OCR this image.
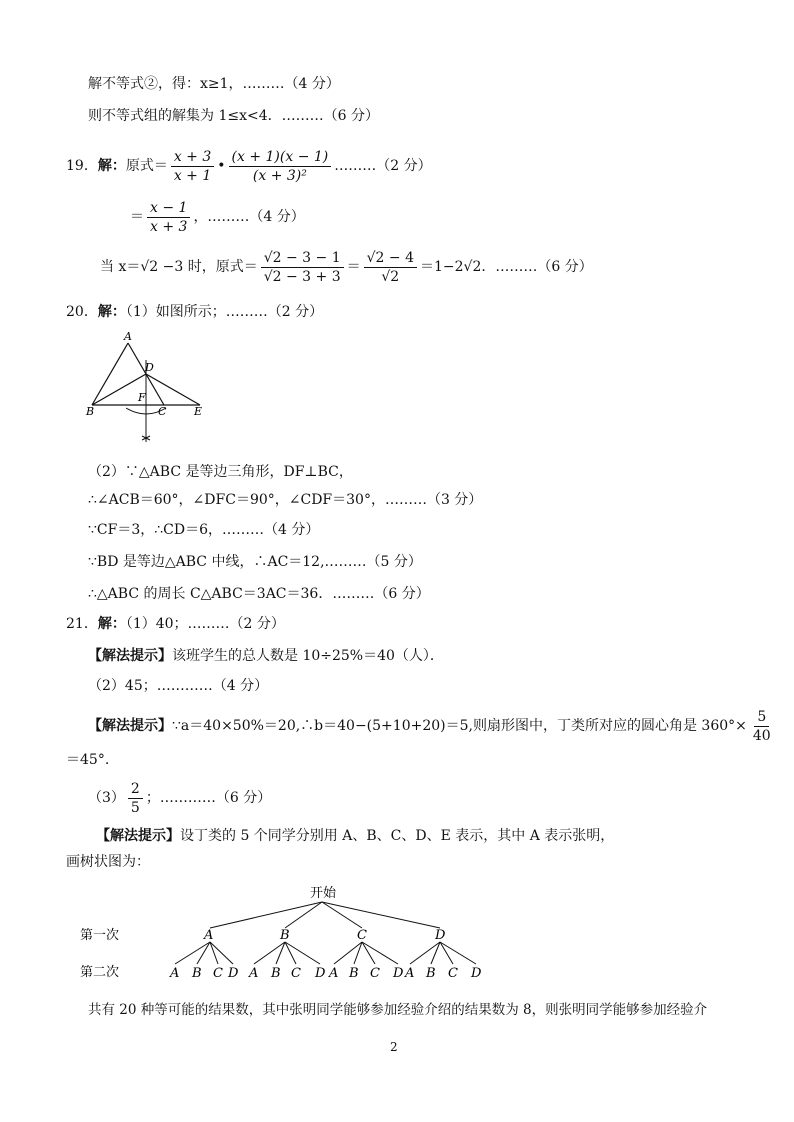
解不等式②，得：x≥1，………（4 分）
则不等式组的解集为 1≤x<4．………（6 分）
19．解：原式＝ $\frac{x + 3}{x + 1}$ • $\frac{(x + 1)(x - 1)}{\text{(x + 3)²}}$ ………（2 分）
＝ $\frac{x - 1}{x + 3}$ ，………（4 分）
当 x＝√2 −3 时，原式＝ $\frac{√2 - 3 - 1}{√2 - 3 + 3} = \frac{√2 - 4}{√2} =1-2√2$．………（6 分）
20．解：（1）如图所示；………（2 分）
A
D
B
F
C	E
（2）∵△ABC 是等边三角形，DF⊥BC，
∴∠ACB＝60°，∠DFC＝90°，∠CDF＝30°，………（3 分）
∵CF＝3，∴CD＝6，………（4 分）
∵BD 是等边△ABC 中线，∴AC＝12,………（5 分）
∴△ABC 的周长 C△ABC＝3AC＝36．………（6 分）
21．解：（1）40；………（2 分）
【解法提示】该班学生的总人数是 10÷25%＝40（人）．
（2）45；…………（4 分）
【解法提示】∵a＝40×50%＝20,∴b＝40−(5+10+20)＝5,则扇形图中，丁类所对应的圆心角是 $360^\circ\times \frac{5}{40}$
＝45°.
$(3) \frac{2}{5}$ ；…………（6 分）
【解法提示】设丁类的 5 个同学分别用 A、B、C、D、E 表示，其中 A 表示张明，
画树状图为：
开始
第一次
第二次
A	B	C	D
A B C D A B C D A B C D A B C D
共有 20 种等可能的结果数，其中张明同学能够参加经验介绍的结果数为 8，则张明同学能够参加经验介
2
